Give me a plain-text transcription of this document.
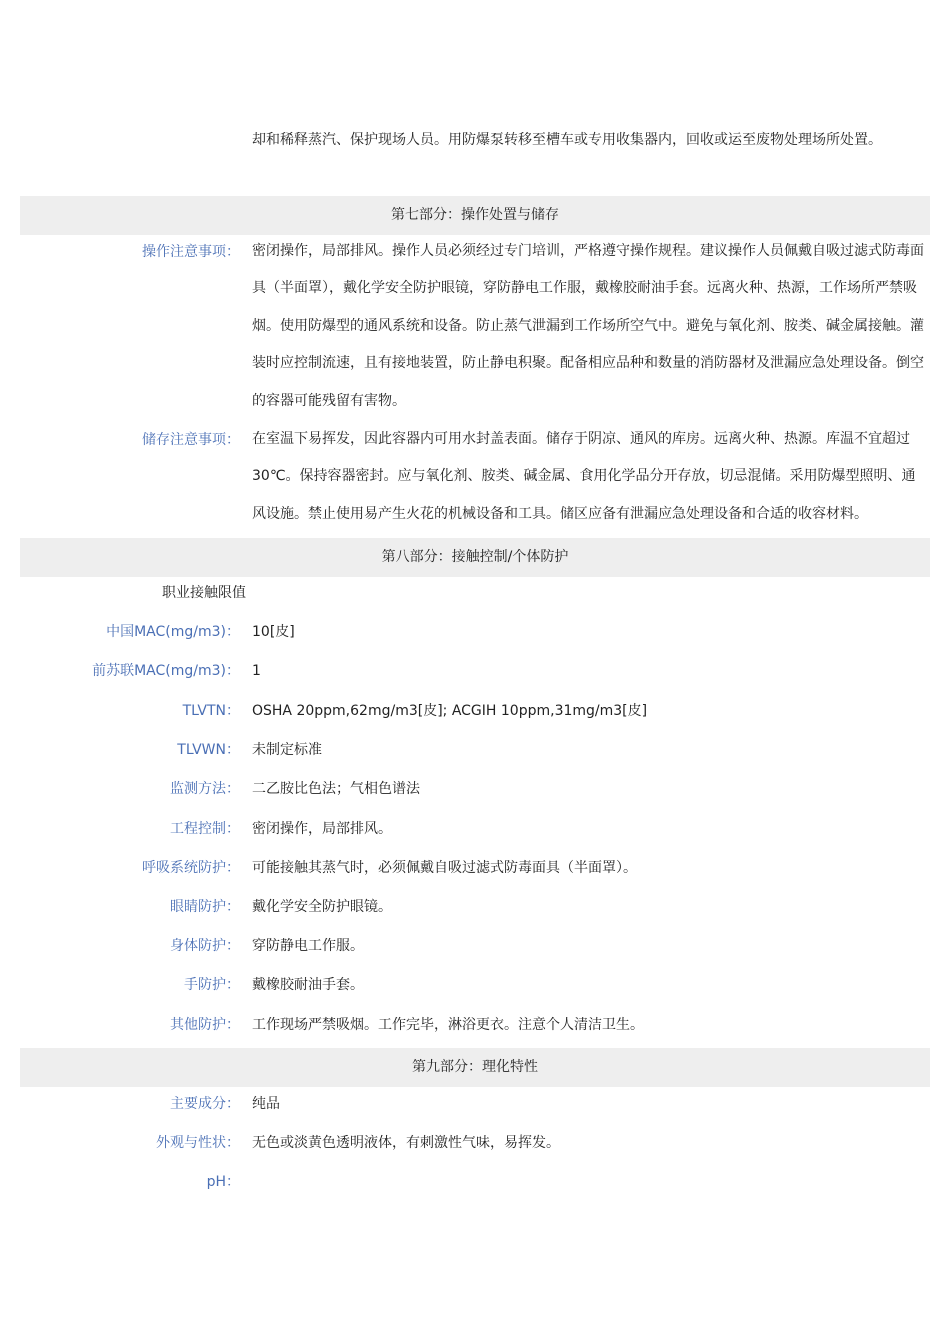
却和稀释蒸汽、保护现场人员。用防爆泵转移至槽车或专用收集器内，回收或运至废物处理场所处置。
第七部分：操作处置与储存
操作注意事项： 密闭操作，局部排风。操作人员必须经过专门培训，严格遵守操作规程。建议操作人员佩戴自吸过滤式防毒面具（半面罩），戴化学安全防护眼镜，穿防静电工作服，戴橡胶耐油手套。远离火种、热源，工作场所严禁吸烟。使用防爆型的通风系统和设备。防止蒸气泄漏到工作场所空气中。避免与氧化剂、胺类、碱金属接触。灌装时应控制流速，且有接地装置，防止静电积聚。配备相应品种和数量的消防器材及泄漏应急处理设备。倒空的容器可能残留有害物。
储存注意事项： 在室温下易挥发，因此容器内可用水封盖表面。储存于阴凉、通风的库房。远离火种、热源。库温不宜超过30℃。保持容器密封。应与氧化剂、胺类、碱金属、食用化学品分开存放，切忌混储。采用防爆型照明、通风设施。禁止使用易产生火花的机械设备和工具。储区应备有泄漏应急处理设备和合适的收容材料。
第八部分：接触控制/个体防护
职业接触限值
中国MAC(mg/m3)： 10[皮]
前苏联MAC(mg/m3)： 1
TLVTN： OSHA 20ppm,62mg/m3[皮]; ACGIH 10ppm,31mg/m3[皮]
TLVWN： 未制定标准
监测方法： 二乙胺比色法；气相色谱法
工程控制： 密闭操作，局部排风。
呼吸系统防护： 可能接触其蒸气时，必须佩戴自吸过滤式防毒面具（半面罩）。
眼睛防护： 戴化学安全防护眼镜。
身体防护： 穿防静电工作服。
手防护： 戴橡胶耐油手套。
其他防护： 工作现场严禁吸烟。工作完毕，淋浴更衣。注意个人清洁卫生。
第九部分：理化特性
主要成分： 纯品
外观与性状： 无色或淡黄色透明液体，有刺激性气味，易挥发。
pH：
